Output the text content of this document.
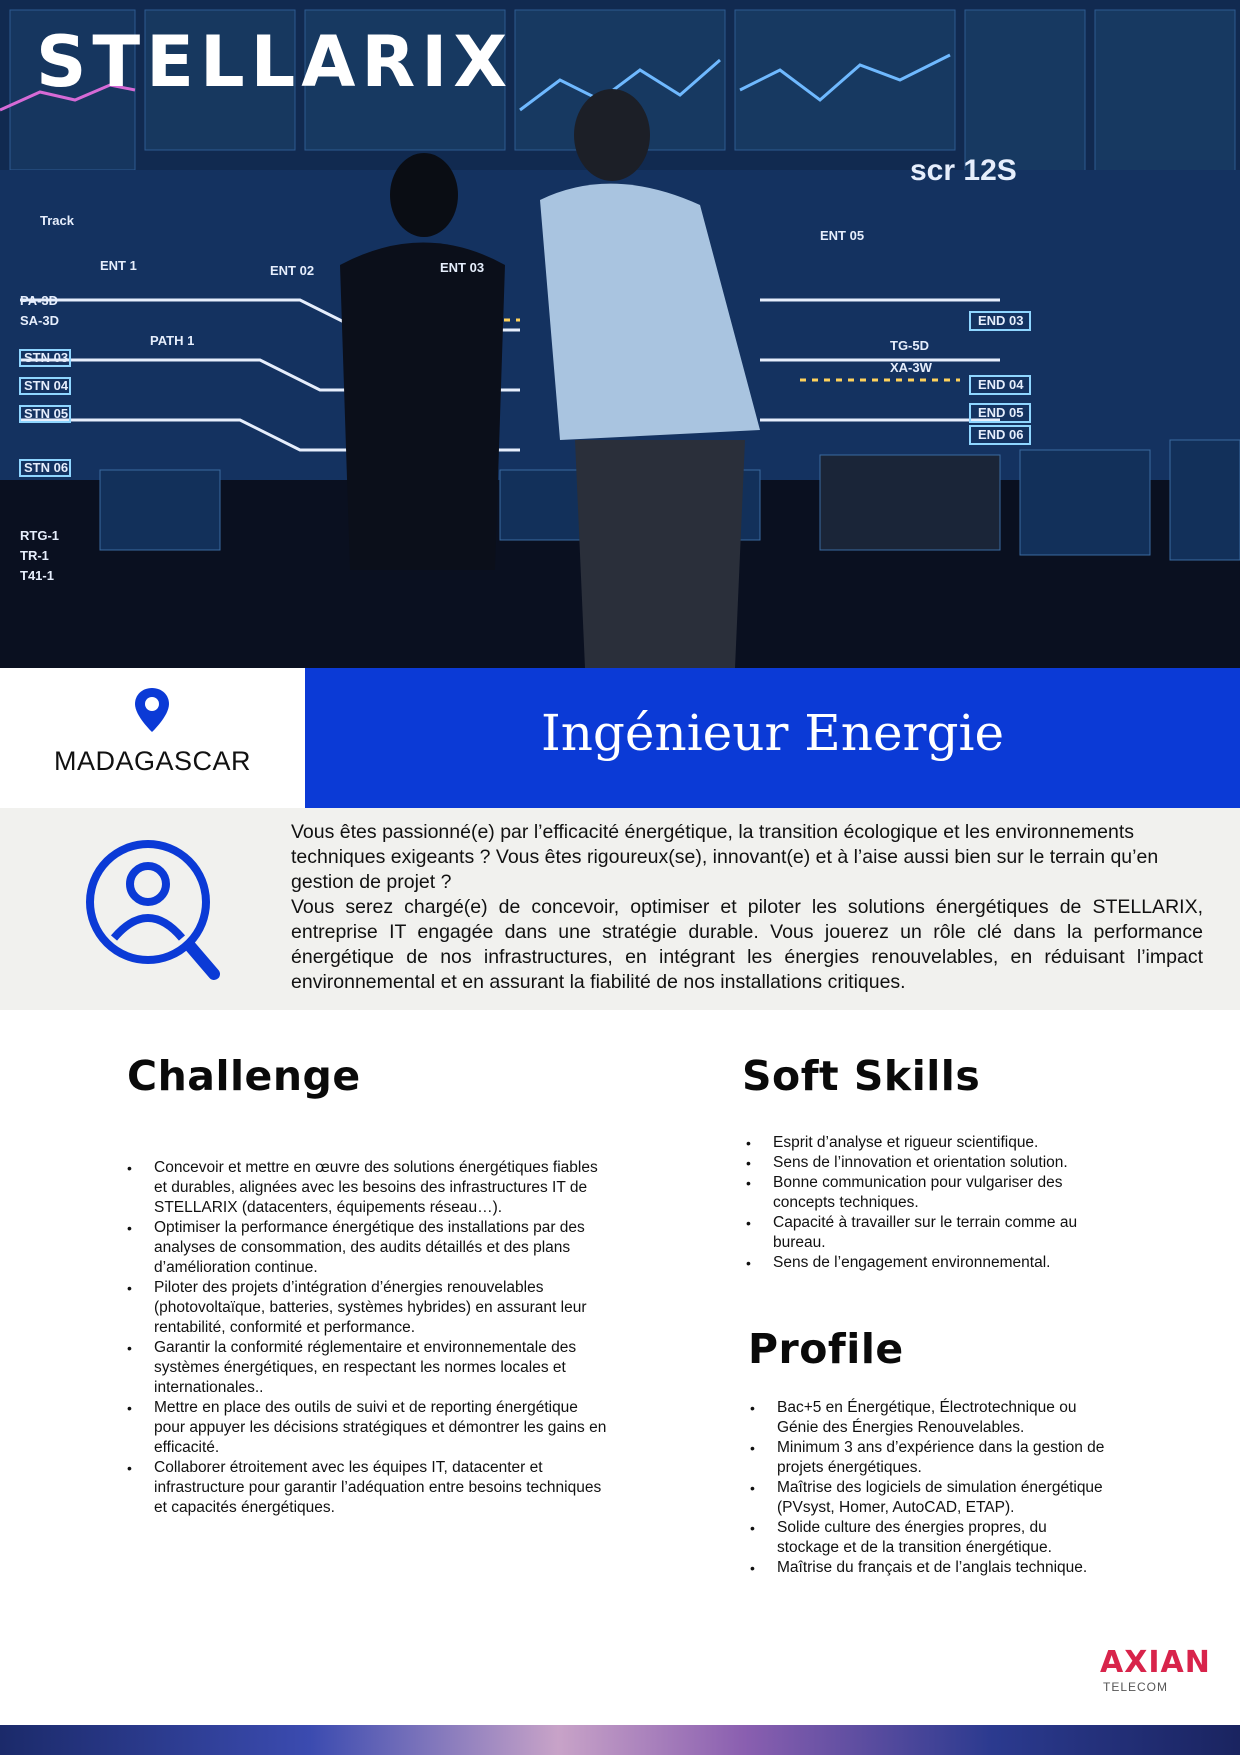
Track
ENT 1	ENT 02	ENT 03
ENT 05
scr 12S
PA-3D
SA-3D
PATH 1	TG-5D
XA-3W
END 03
END 04
END 05
END 06
STN 03
STN 04
STN 05
STN 06
RTG-1
TR-1
T41-1
STELLARIX
MADAGASCAR	Ingénieur Energie

Vous êtes passionné(e) par l’efficacité énergétique, la transition écologique et les environnements techniques exigeants ? Vous êtes rigoureux(se), innovant(e) et à l’aise aussi bien sur le terrain qu’en gestion de projet ?

Vous serez chargé(e) de concevoir, optimiser et piloter les solutions énergétiques de STELLARIX, entreprise IT engagée dans une stratégie durable. Vous jouerez un rôle clé dans la performance énergétique de nos infrastructures, en intégrant les énergies renouvelables, en réduisant l’impact environnemental et en assurant la fiabilité de nos installations critiques.

Challenge
• Concevoir et mettre en œuvre des solutions énergétiques fiables et durables, alignées avec les besoins des infrastructures IT de STELLARIX (datacenters, équipements réseau…).
• Optimiser la performance énergétique des installations par des analyses de consommation, des audits détaillés et des plans d’amélioration continue.
• Piloter des projets d’intégration d’énergies renouvelables (photovoltaïque, batteries, systèmes hybrides) en assurant leur rentabilité, conformité et performance.
• Garantir la conformité réglementaire et environnementale des systèmes énergétiques, en respectant les normes locales et internationales..
• Mettre en place des outils de suivi et de reporting énergétique pour appuyer les décisions stratégiques et démontrer les gains en efficacité.
• Collaborer étroitement avec les équipes IT, datacenter et infrastructure pour garantir l’adéquation entre besoins techniques et capacités énergétiques.
Soft Skills
• Esprit d’analyse et rigueur scientifique.
• Sens de l’innovation et orientation solution.
• Bonne communication pour vulgariser des concepts techniques.
• Capacité à travailler sur le terrain comme au bureau.
• Sens de l’engagement environnemental.
Profile
• Bac+5 en Énergétique, Électrotechnique ou Génie des Énergies Renouvelables.
• Minimum 3 ans d’expérience dans la gestion de projets énergétiques.
• Maîtrise des logiciels de simulation énergétique (PVsyst, Homer, AutoCAD, ETAP).
• Solide culture des énergies propres, du stockage et de la transition énergétique.
• Maîtrise du français et de l’anglais technique.
AXIAN
TELECOM
